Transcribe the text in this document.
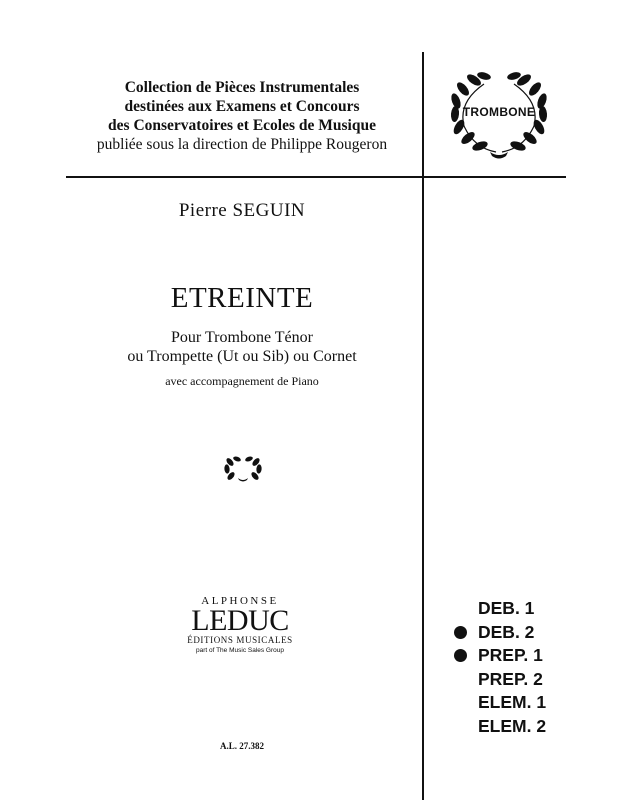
Collection de Pièces Instrumentales
destinées aux Examens et Concours
des Conservatoires et Ecoles de Musique
publiée sous la direction de Philippe Rougeron
TROMBONE
Pierre SEGUIN
ETREINTE
Pour Trombone Ténor
ou Trompette (Ut ou Sib) ou Cornet
avec accompagnement de Piano
ALPHONSE
LEDUC
ÉDITIONS MUSICALES
part of The Music Sales Group
A.L. 27.382
DEB. 1
DEB. 2
PREP. 1
PREP. 2
ELEM. 1
ELEM. 2
